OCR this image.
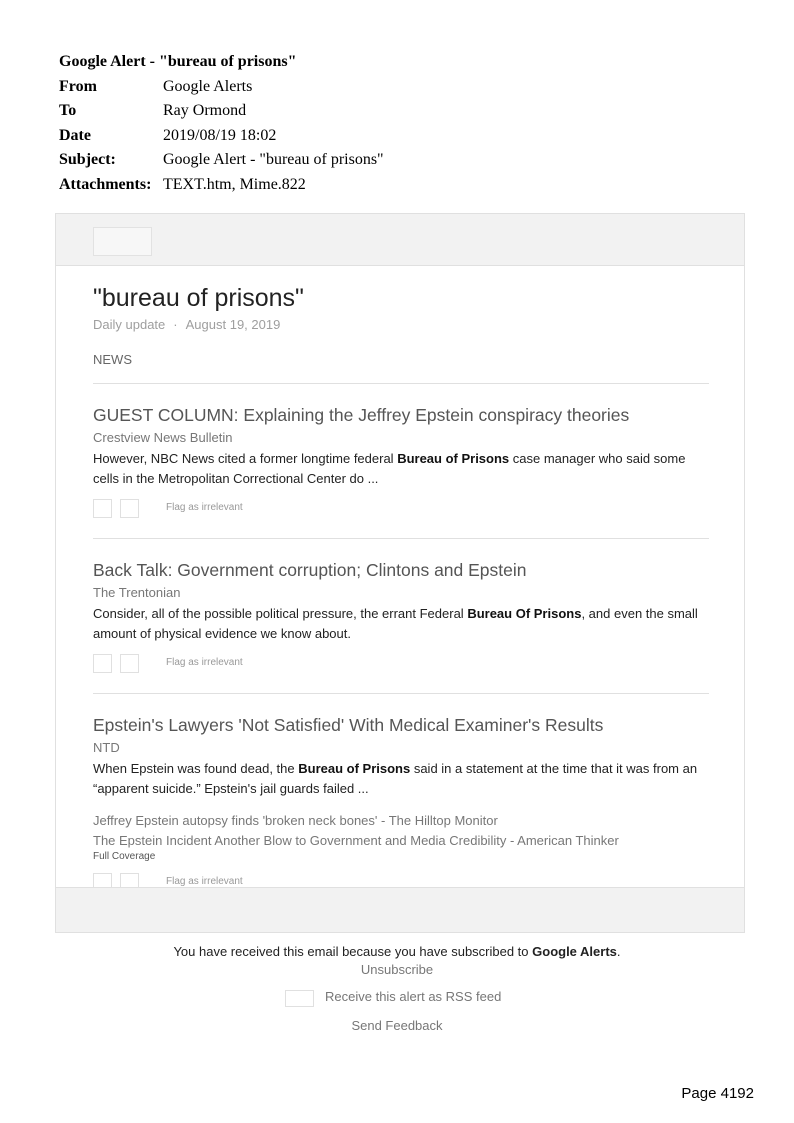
Google Alert - "bureau of prisons"
From	Google Alerts
To	Ray Ormond
Date	2019/08/19 18:02
Subject:	Google Alert - "bureau of prisons"
Attachments: TEXT.htm, Mime.822
"bureau of prisons"
Daily update · August 19, 2019
NEWS
GUEST COLUMN: Explaining the Jeffrey Epstein conspiracy theories
Crestview News Bulletin
However, NBC News cited a former longtime federal Bureau of Prisons case manager who said some cells in the Metropolitan Correctional Center do ...
Flag as irrelevant
Back Talk: Government corruption; Clintons and Epstein
The Trentonian
Consider, all of the possible political pressure, the errant Federal Bureau Of Prisons, and even the small amount of physical evidence we know about.
Flag as irrelevant
Epstein's Lawyers 'Not Satisfied' With Medical Examiner's Results
NTD
When Epstein was found dead, the Bureau of Prisons said in a statement at the time that it was from an “apparent suicide.” Epstein's jail guards failed ...
Jeffrey Epstein autopsy finds 'broken neck bones' - The Hilltop Monitor
The Epstein Incident Another Blow to Government and Media Credibility - American Thinker
Full Coverage
Flag as irrelevant
You have received this email because you have subscribed to Google Alerts.
Unsubscribe
Receive this alert as RSS feed
Send Feedback
Page 4192
